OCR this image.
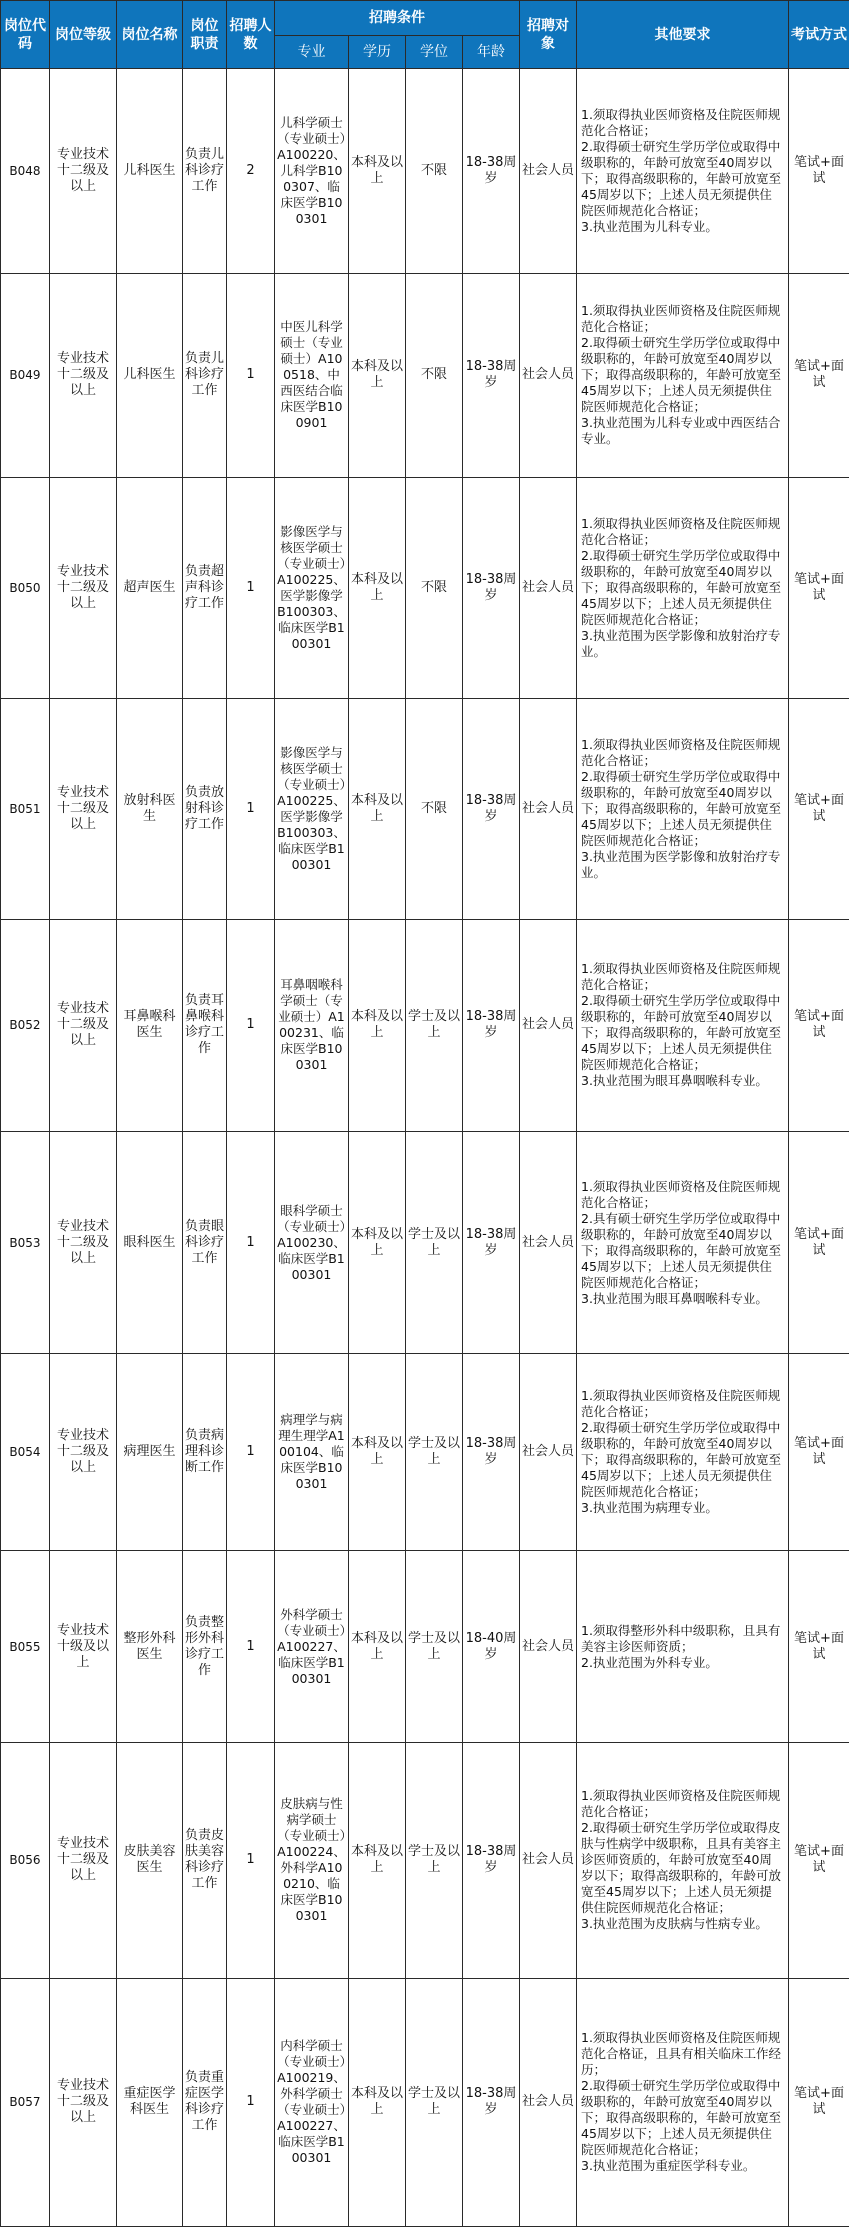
岗位代码	岗位等级	岗位名称	岗位职责	招聘人数	招聘条件				招聘对象	其他要求	考试方式
					专业	学历	学位	年龄			
B048	专业技术十二级及以上	儿科医生	负责儿科诊疗工作	2	儿科学硕士（专业硕士）A100220、儿科学B100307、临床医学B100301	本科及以上	不限	18-38周岁	社会人员	1.须取得执业医师资格及住院医师规范化合格证；
2.取得硕士研究生学历学位或取得中级职称的，年龄可放宽至40周岁以下；取得高级职称的，年龄可放宽至45周岁以下；上述人员无须提供住院医师规范化合格证；
3.执业范围为儿科专业。	笔试+面试
B049	专业技术十二级及以上	儿科医生	负责儿科诊疗工作	1	中医儿科学硕士（专业硕士）A100518、中西医结合临床医学B100901	本科及以上	不限	18-38周岁	社会人员	1.须取得执业医师资格及住院医师规范化合格证；
2.取得硕士研究生学历学位或取得中级职称的，年龄可放宽至40周岁以下；取得高级职称的，年龄可放宽至45周岁以下；上述人员无须提供住院医师规范化合格证；
3.执业范围为儿科专业或中西医结合专业。	笔试+面试
B050	专业技术十二级及以上	超声医生	负责超声科诊疗工作	1	影像医学与核医学硕士（专业硕士）A100225、医学影像学B100303、临床医学B100301	本科及以上	不限	18-38周岁	社会人员	1.须取得执业医师资格及住院医师规范化合格证；
2.取得硕士研究生学历学位或取得中级职称的，年龄可放宽至40周岁以下；取得高级职称的，年龄可放宽至45周岁以下；上述人员无须提供住院医师规范化合格证；
3.执业范围为医学影像和放射治疗专业。	笔试+面试
B051	专业技术十二级及以上	放射科医生	负责放射科诊疗工作	1	影像医学与核医学硕士（专业硕士）A100225、医学影像学B100303、临床医学B100301	本科及以上	不限	18-38周岁	社会人员	1.须取得执业医师资格及住院医师规范化合格证；
2.取得硕士研究生学历学位或取得中级职称的，年龄可放宽至40周岁以下；取得高级职称的，年龄可放宽至45周岁以下；上述人员无须提供住院医师规范化合格证；
3.执业范围为医学影像和放射治疗专业。	笔试+面试
B052	专业技术十二级及以上	耳鼻喉科医生	负责耳鼻喉科诊疗工作	1	耳鼻咽喉科学硕士（专业硕士）A100231、临床医学B100301	本科及以上	学士及以上	18-38周岁	社会人员	1.须取得执业医师资格及住院医师规范化合格证；
2.取得硕士研究生学历学位或取得中级职称的，年龄可放宽至40周岁以下；取得高级职称的，年龄可放宽至45周岁以下；上述人员无须提供住院医师规范化合格证；
3.执业范围为眼耳鼻咽喉科专业。	笔试+面试
B053	专业技术十二级及以上	眼科医生	负责眼科诊疗工作	1	眼科学硕士（专业硕士）A100230、临床医学B100301	本科及以上	学士及以上	18-38周岁	社会人员	1.须取得执业医师资格及住院医师规范化合格证；
2.具有硕士研究生学历学位或取得中级职称的，年龄可放宽至40周岁以下；取得高级职称的，年龄可放宽至45周岁以下；上述人员无须提供住院医师规范化合格证；
3.执业范围为眼耳鼻咽喉科专业。	笔试+面试
B054	专业技术十二级及以上	病理医生	负责病理科诊断工作	1	病理学与病理生理学A100104、临床医学B100301	本科及以上	学士及以上	18-38周岁	社会人员	1.须取得执业医师资格及住院医师规范化合格证；
2.取得硕士研究生学历学位或取得中级职称的，年龄可放宽至40周岁以下；取得高级职称的，年龄可放宽至45周岁以下；上述人员无须提供住院医师规范化合格证；
3.执业范围为病理专业。	笔试+面试
B055	专业技术十级及以上	整形外科医生	负责整形外科诊疗工作	1	外科学硕士（专业硕士）A100227、临床医学B100301	本科及以上	学士及以上	18-40周岁	社会人员	1.须取得整形外科中级职称，且具有美容主诊医师资质；
2.执业范围为外科专业。	笔试+面试
B056	专业技术十二级及以上	皮肤美容医生	负责皮肤美容科诊疗工作	1	皮肤病与性病学硕士（专业硕士）A100224、外科学A100210、临床医学B100301	本科及以上	学士及以上	18-38周岁	社会人员	1.须取得执业医师资格及住院医师规范化合格证；
2.取得硕士研究生学历学位或取得皮肤与性病学中级职称，且具有美容主诊医师资质的，年龄可放宽至40周岁以下；取得高级职称的，年龄可放宽至45周岁以下；上述人员无须提供住院医师规范化合格证；
3.执业范围为皮肤病与性病专业。	笔试+面试
B057	专业技术十二级及以上	重症医学科医生	负责重症医学科诊疗工作	1	内科学硕士（专业硕士）A100219、外科学硕士（专业硕士）A100227、临床医学B100301	本科及以上	学士及以上	18-38周岁	社会人员	1.须取得执业医师资格及住院医师规范化合格证，且具有相关临床工作经历；
2.取得硕士研究生学历学位或取得中级职称的，年龄可放宽至40周岁以下；取得高级职称的，年龄可放宽至45周岁以下；上述人员无须提供住院医师规范化合格证；
3.执业范围为重症医学科专业。	笔试+面试
